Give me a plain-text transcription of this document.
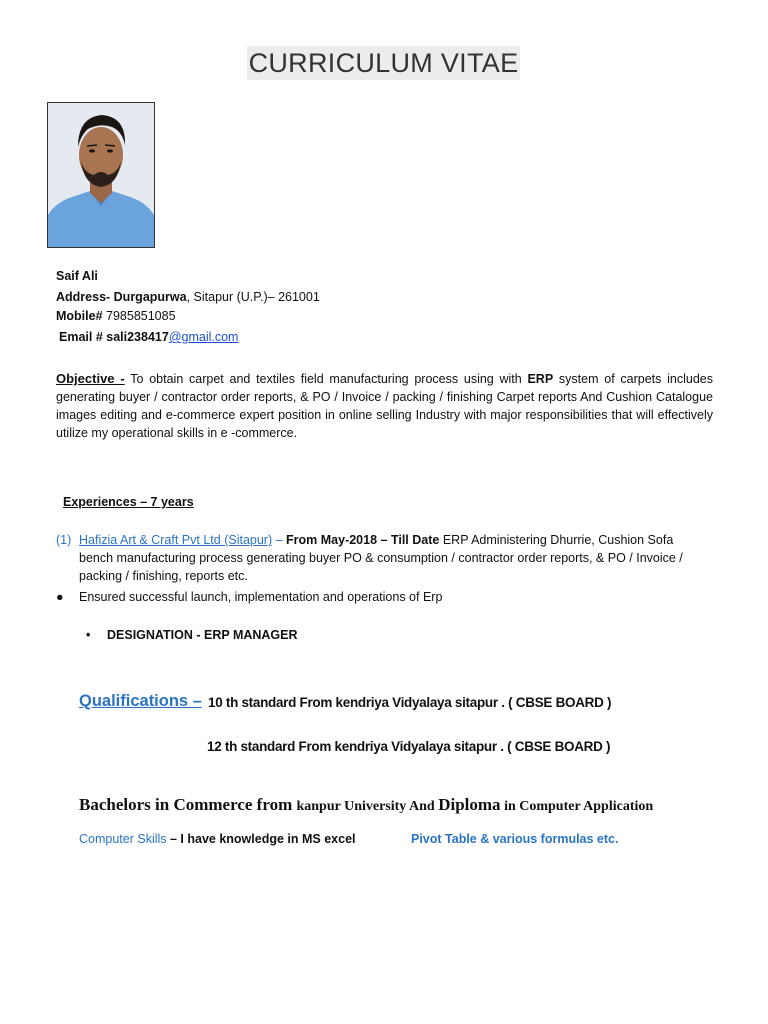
CURRICULUM VITAE
Saif Ali
Address- Durgapurwa, Sitapur (U.P.)– 261001
Mobile# 7985851085
Email # sali238417@gmail.com
Objective - To obtain carpet and textiles field manufacturing process using with ERP system of carpets includes generating buyer / contractor order reports, & PO / Invoice / packing / finishing Carpet reports And Cushion Catalogue images editing and e-commerce expert position in online selling Industry with major responsibilities that will effectively utilize my operational skills in e -commerce.
Experiences – 7 years
(1) Hafizia Art & Craft Pvt Ltd (Sitapur) – From May-2018 – Till Date ERP Administering Dhurrie, Cushion Sofa bench manufacturing process generating buyer PO & consumption / contractor order reports, & PO / Invoice / packing / finishing, reports etc.
● Ensured successful launch, implementation and operations of Erp
• DESIGNATION - ERP MANAGER
Qualifications – 10 th standard From kendriya Vidyalaya sitapur . ( CBSE BOARD )
12 th standard From kendriya Vidyalaya sitapur . ( CBSE BOARD )
Bachelors in Commerce from kanpur University And Diploma in Computer Application
Computer Skills – I have knowledge in MS excel	Pivot Table & various formulas etc.
